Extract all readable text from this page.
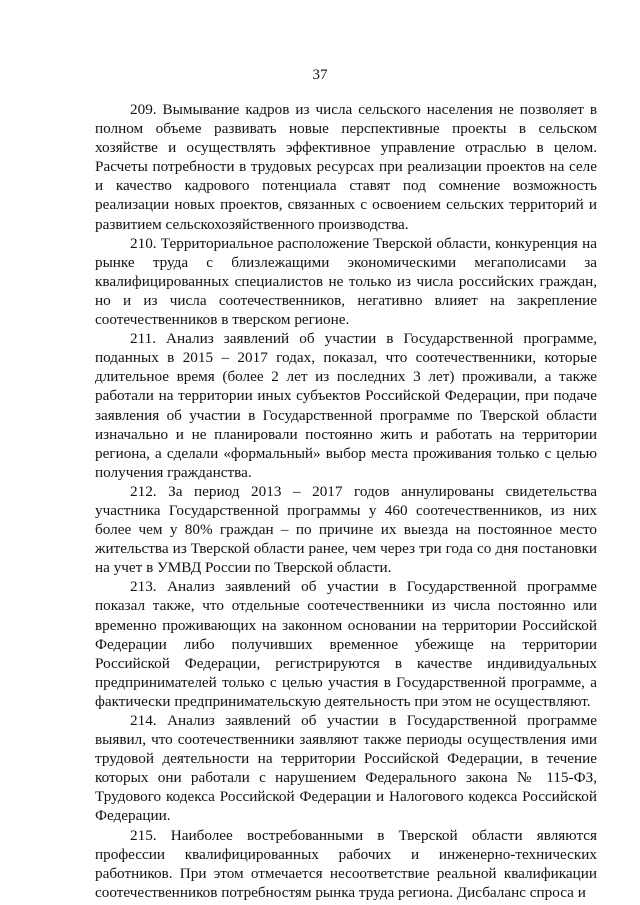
37

209. Вымывание кадров из числа сельского населения не позволяет в полном объеме развивать новые перспективные проекты в сельском хозяйстве и осуществлять эффективное управление отраслью в целом. Расчеты потребности в трудовых ресурсах при реализации проектов на селе и качество кадрового потенциала ставят под сомнение возможность реализации новых проектов, связанных с освоением сельских территорий и развитием сельскохозяйственного производства.

210. Территориальное расположение Тверской области, конкуренция на рынке труда с близлежащими экономическими мегаполисами за квалифицированных специалистов не только из числа российских граждан, но и из числа соотечественников, негативно влияет на закрепление соотечественников в тверском регионе.

211. Анализ заявлений об участии в Государственной программе, поданных в 2015 – 2017 годах, показал, что соотечественники, которые длительное время (более 2 лет из последних 3 лет) проживали, а также работали на территории иных субъектов Российской Федерации, при подаче заявления об участии в Государственной программе по Тверской области изначально и не планировали постоянно жить и работать на территории региона, а сделали «формальный» выбор места проживания только с целью получения гражданства.

212. За период 2013 – 2017 годов аннулированы свидетельства участника Государственной программы у 460 соотечественников, из них более чем у 80% граждан – по причине их выезда на постоянное место жительства из Тверской области ранее, чем через три года со дня постановки на учет в УМВД России по Тверской области.

213. Анализ заявлений об участии в Государственной программе показал также, что отдельные соотечественники из числа постоянно или временно проживающих на законном основании на территории Российской Федерации либо получивших временное убежище на территории Российской Федерации, регистрируются в качестве индивидуальных предпринимателей только с целью участия в Государственной программе, а фактически предпринимательскую деятельность при этом не осуществляют.

214. Анализ заявлений об участии в Государственной программе выявил, что соотечественники заявляют также периоды осуществления ими трудовой деятельности на территории Российской Федерации, в течение которых они работали с нарушением Федерального закона № 115-ФЗ, Трудового кодекса Российской Федерации и Налогового кодекса Российской Федерации.

215. Наиболее востребованными в Тверской области являются профессии квалифицированных рабочих и инженерно-технических работников. При этом отмечается несоответствие реальной квалификации соотечественников потребностям рынка труда региона. Дисбаланс спроса и
